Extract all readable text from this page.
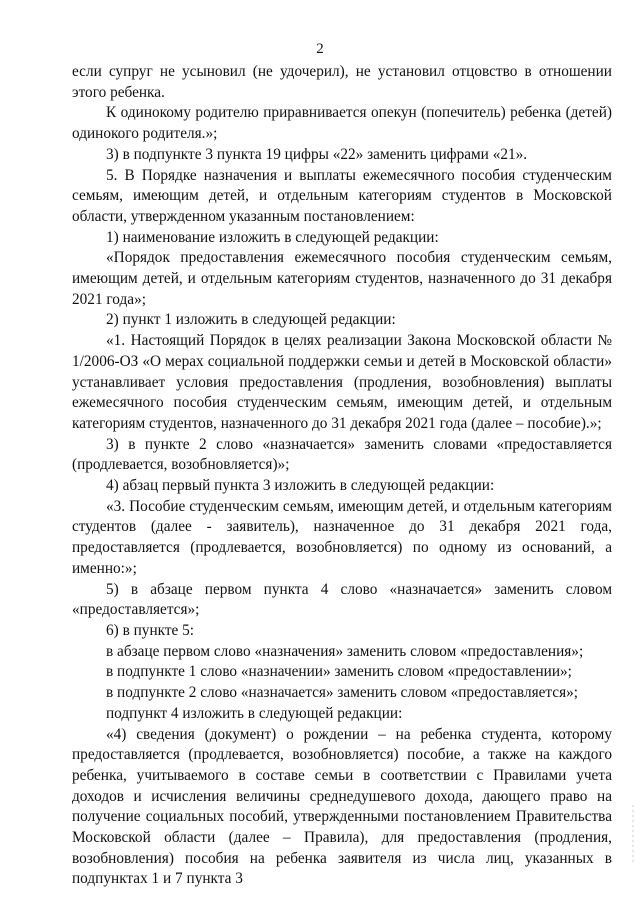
2

если супруг не усыновил (не удочерил), не установил отцовство в отношении этого ребенка.

К одинокому родителю приравнивается опекун (попечитель) ребенка (детей) одинокого родителя.»;

3) в подпункте 3 пункта 19 цифры «22» заменить цифрами «21».

5. В Порядке назначения и выплаты ежемесячного пособия студенческим семьям, имеющим детей, и отдельным категориям студентов в Московской области, утвержденном указанным постановлением:

1) наименование изложить в следующей редакции:

«Порядок предоставления ежемесячного пособия студенческим семьям, имеющим детей, и отдельным категориям студентов, назначенного до 31 декабря 2021 года»;

2) пункт 1 изложить в следующей редакции:

«1. Настоящий Порядок в целях реализации Закона Московской области № 1/2006-ОЗ «О мерах социальной поддержки семьи и детей в Московской области» устанавливает условия предоставления (продления, возобновления) выплаты ежемесячного пособия студенческим семьям, имеющим детей, и отдельным категориям студентов, назначенного до 31 декабря 2021 года (далее – пособие).»;

3) в пункте 2 слово «назначается» заменить словами «предоставляется (продлевается, возобновляется)»;

4) абзац первый пункта 3 изложить в следующей редакции:

«3. Пособие студенческим семьям, имеющим детей, и отдельным категориям студентов (далее - заявитель), назначенное до 31 декабря 2021 года, предоставляется (продлевается, возобновляется) по одному из оснований, а именно:»;

5) в абзаце первом пункта 4 слово «назначается» заменить словом «предоставляется»;

6) в пункте 5:

в абзаце первом слово «назначения» заменить словом «предоставления»;

в подпункте 1 слово «назначении» заменить словом «предоставлении»;

в подпункте 2 слово «назначается» заменить словом «предоставляется»;

подпункт 4 изложить в следующей редакции:

«4) сведения (документ) о рождении – на ребенка студента, которому предоставляется (продлевается, возобновляется) пособие, а также на каждого ребенка, учитываемого в составе семьи в соответствии с Правилами учета доходов и исчисления величины среднедушевого дохода, дающего право на получение социальных пособий, утвержденными постановлением Правительства Московской области (далее – Правила), для предоставления (продления, возобновления) пособия на ребенка заявителя из числа лиц, указанных в подпунктах 1 и 7 пункта 3
